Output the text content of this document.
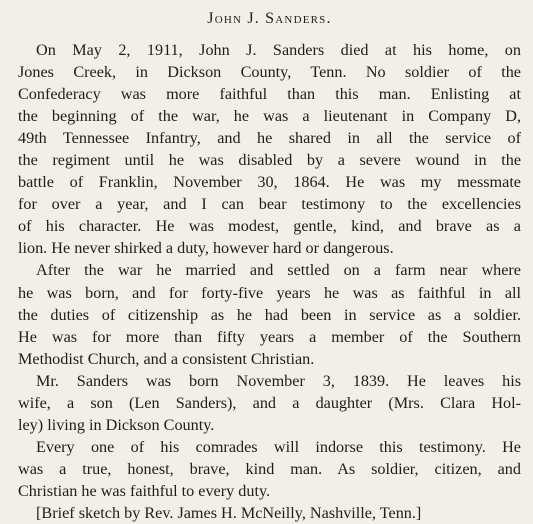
John J. Sanders.
On May 2, 1911, John J. Sanders died at his home, on
Jones Creek, in Dickson County, Tenn. No soldier of the
Confederacy was more faithful than this man. Enlisting at
the beginning of the war, he was a lieutenant in Company D,
49th Tennessee Infantry, and he shared in all the service of
the regiment until he was disabled by a severe wound in the
battle of Franklin, November 30, 1864. He was my messmate
for over a year, and I can bear testimony to the excellencies
of his character. He was modest, gentle, kind, and brave as a
lion. He never shirked a duty, however hard or dangerous.
After the war he married and settled on a farm near where
he was born, and for forty-five years he was as faithful in all
the duties of citizenship as he had been in service as a soldier.
He was for more than fifty years a member of the Southern
Methodist Church, and a consistent Christian.
Mr. Sanders was born November 3, 1839. He leaves his
wife, a son (Len Sanders), and a daughter (Mrs. Clara Hol-
ley) living in Dickson County.
Every one of his comrades will indorse this testimony. He
was a true, honest, brave, kind man. As soldier, citizen, and
Christian he was faithful to every duty.
[Brief sketch by Rev. James H. McNeilly, Nashville, Tenn.]
